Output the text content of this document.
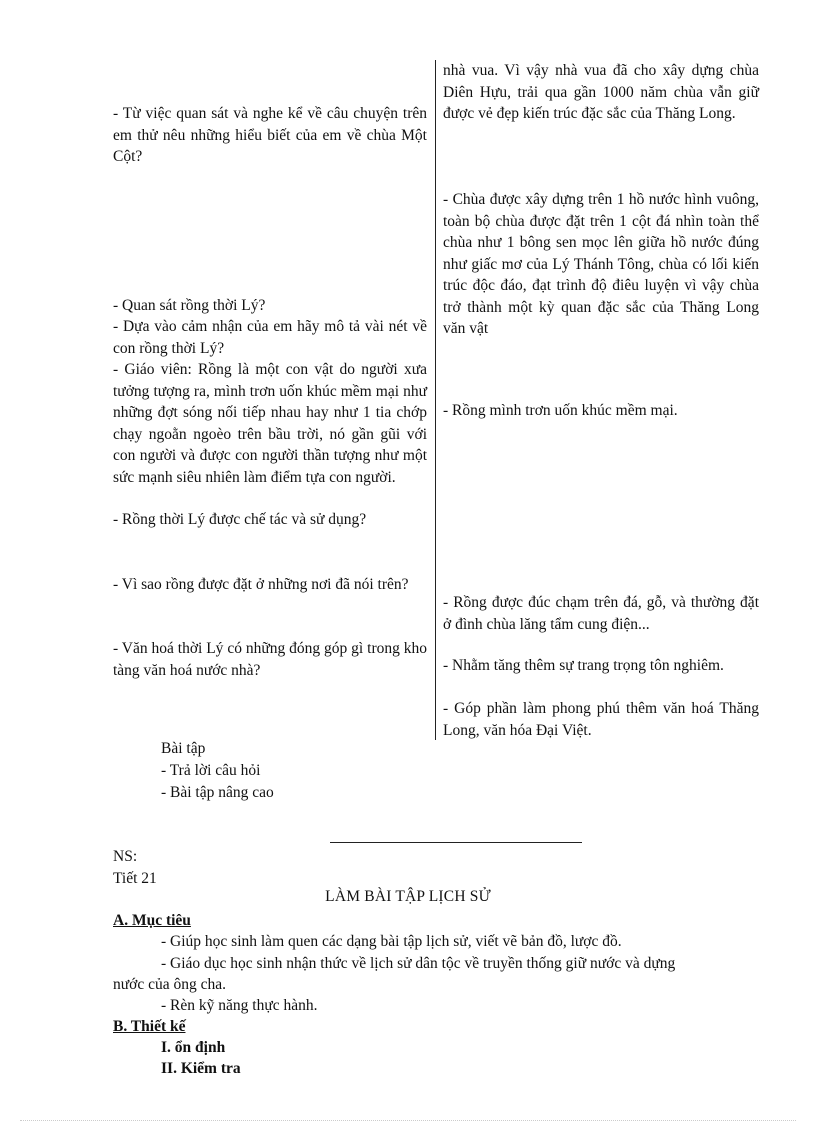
- Từ việc quan sát và nghe kể về câu chuyện trên em thử nêu những hiểu biết của em về chùa Một Cột?

- Quan sát rồng thời Lý?

- Dựa vào cảm nhận của em hãy mô tả vài nét về con rồng thời Lý?

- Giáo viên: Rồng là một con vật do người xưa tưởng tượng ra, mình trơn uốn khúc mềm mại như những đợt sóng nối tiếp nhau hay như 1 tia chớp chạy ngoằn ngoèo trên bầu trời, nó gần gũi với con người và được con người thần tượng như một sức mạnh siêu nhiên làm điểm tựa con người.

- Rồng thời Lý được chế tác và sử dụng?

- Vì sao rồng được đặt ở những nơi đã nói trên?

- Văn hoá thời Lý có những đóng góp gì trong kho tàng văn hoá nước nhà?

nhà vua. Vì vậy nhà vua đã cho xây dựng chùa Diên Hựu, trải qua gần 1000 năm chùa vẫn giữ được vẻ đẹp kiến trúc đặc sắc của Thăng Long.

- Chùa được xây dựng trên 1 hồ nước hình vuông, toàn bộ chùa được đặt trên 1 cột đá nhìn toàn thể chùa như 1 bông sen mọc lên giữa hồ nước đúng như giấc mơ của Lý Thánh Tông, chùa có lối kiến trúc độc đáo, đạt trình độ điêu luyện vì vậy chùa trở thành một kỳ quan đặc sắc của Thăng Long văn vật

- Rồng mình trơn uốn khúc mềm mại.

- Rồng được đúc chạm trên đá, gỗ, và thường đặt ở đình chùa lăng tẩm cung điện...

- Nhằm tăng thêm sự trang trọng tôn nghiêm.

- Góp phần làm phong phú thêm văn hoá Thăng Long, văn hóa Đại Việt.

Bài tập
- Trả lời câu hỏi
- Bài tập nâng cao
NS:
Tiết 21
LÀM BÀI TẬP LỊCH SỬ
A. Mục tiêu
- Giúp học sinh làm quen các dạng bài tập lịch sử, viết vẽ bản đồ, lược đồ.
- Giáo dục học sinh nhận thức về lịch sử dân tộc về truyền thống giữ nước và dựng
nước của ông cha.
- Rèn kỹ năng thực hành.
B. Thiết kế
I. ổn định
II. Kiểm tra
